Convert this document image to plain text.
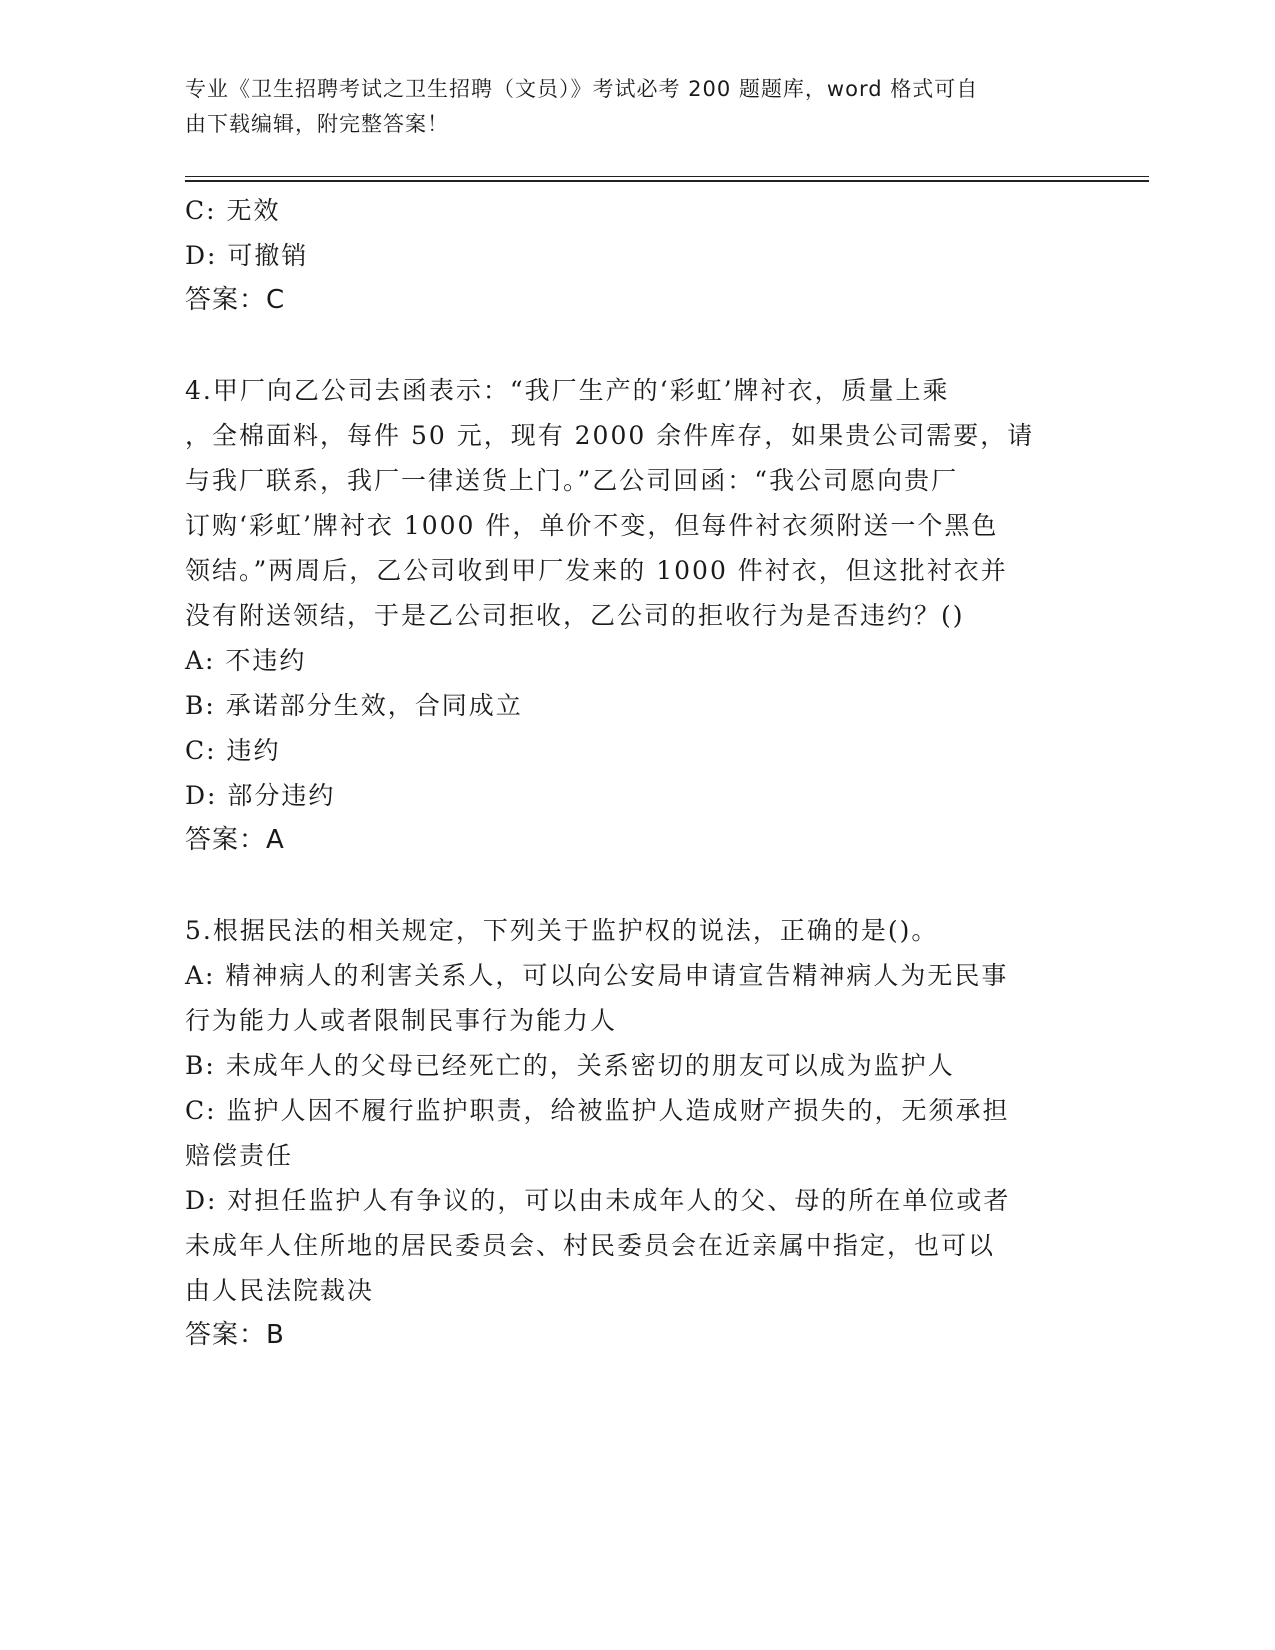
专业《卫生招聘考试之卫生招聘（文员）》考试必考 200 题题库，word 格式可自
由下载编辑，附完整答案！
C: 无效
D: 可撤销
答案：C
4.甲厂向乙公司去函表示：“我厂生产的‘彩虹’牌衬衣，质量上乘
，全棉面料，每件 50 元，现有 2000 余件库存，如果贵公司需要，请
与我厂联系，我厂一律送货上门。”乙公司回函：“我公司愿向贵厂
订购‘彩虹’牌衬衣 1000 件，单价不变，但每件衬衣须附送一个黑色
领结。”两周后，乙公司收到甲厂发来的 1000 件衬衣，但这批衬衣并
没有附送领结，于是乙公司拒收，乙公司的拒收行为是否违约？()
A: 不违约
B: 承诺部分生效，合同成立
C: 违约
D: 部分违约
答案：A
5.根据民法的相关规定，下列关于监护权的说法，正确的是()。
A: 精神病人的利害关系人，可以向公安局申请宣告精神病人为无民事
行为能力人或者限制民事行为能力人
B: 未成年人的父母已经死亡的，关系密切的朋友可以成为监护人
C: 监护人因不履行监护职责，给被监护人造成财产损失的，无须承担
赔偿责任
D: 对担任监护人有争议的，可以由未成年人的父、母的所在单位或者
未成年人住所地的居民委员会、村民委员会在近亲属中指定，也可以
由人民法院裁决
答案：B
